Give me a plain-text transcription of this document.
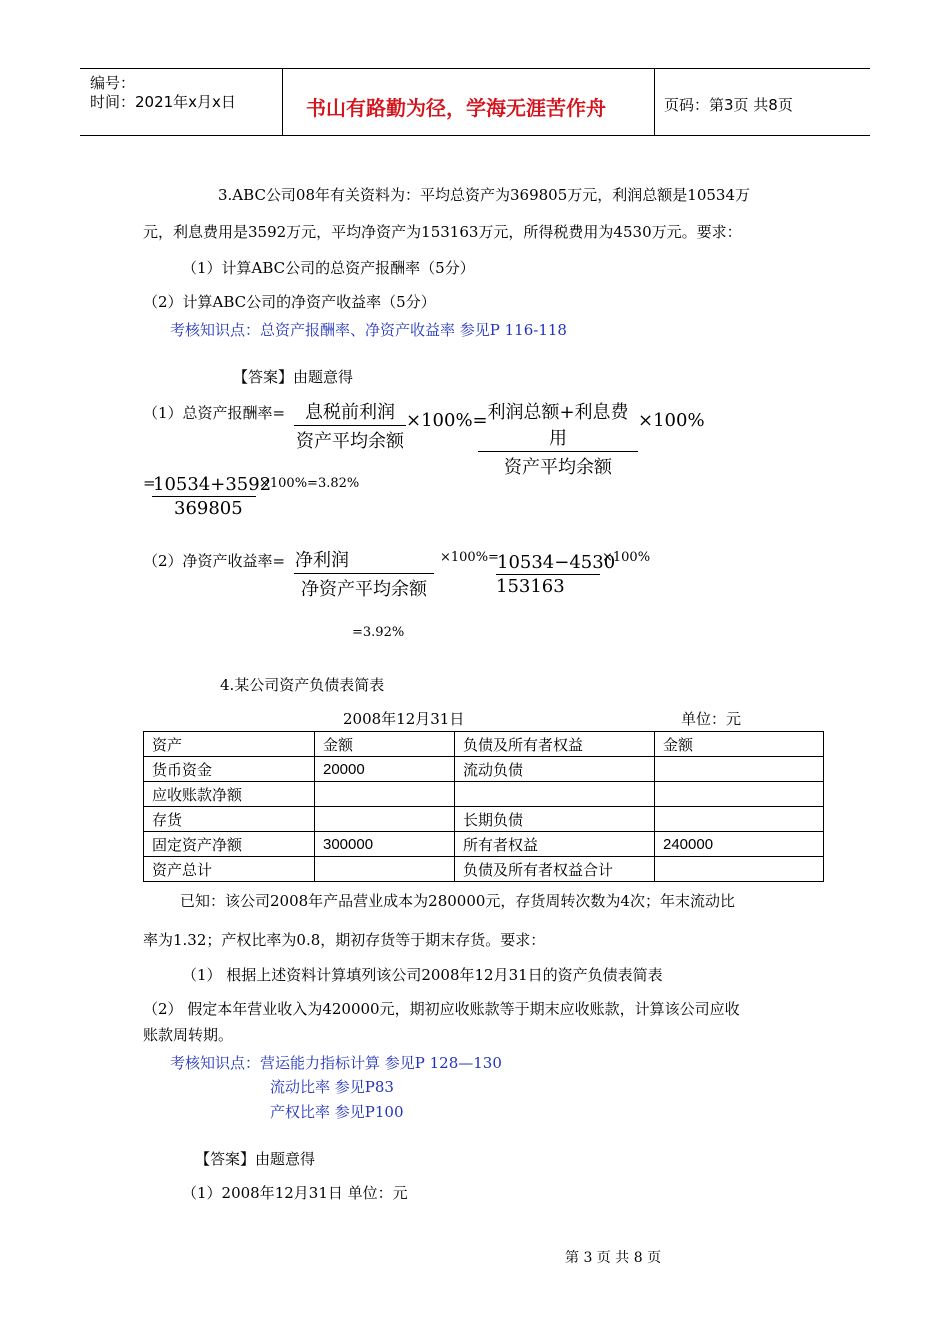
编号：
时间：2021年x月x日	书山有路勤为径，学海无涯苦作舟	页码：第3页 共8页
3.ABC公司08年有关资料为：平均总资产为369805万元，利润总额是10534万
元，利息费用是3592万元，平均净资产为153163万元，所得税费用为4530万元。要求：
（1）计算ABC公司的总资产报酬率（5分）
（2）计算ABC公司的净资产收益率（5分）
考核知识点：总资产报酬率、净资产收益率 参见P 116-118
【答案】由题意得
（1）总资产报酬率=	息税前利润
资产平均余额
×100%= 利润总额+利息费用
资产平均余额
×100%
=
$\frac{10534+3592}{369805} \times 100\%=3.82\%$
（2）净资产收益率= 净利润
净资产平均余额
×100%=
$\frac{10534-4530}{153163} \times 100\%$
=3.92%
4.某公司资产负债表简表
2008年12月31日	单位：元
资产	金额	负债及所有者权益	金额
货币资金	20000	流动负债	
应收账款净额			
存货		长期负债	
固定资产净额	300000	所有者权益	240000
资产总计		负债及所有者权益合计	
已知：该公司2008年产品营业成本为280000元，存货周转次数为4次；年末流动比
率为1.32；产权比率为0.8，期初存货等于期末存货。要求：
（1） 根据上述资料计算填列该公司2008年12月31日的资产负债表简表
（2） 假定本年营业收入为420000元，期初应收账款等于期末应收账款，计算该公司应收
账款周转期。
考核知识点：营运能力指标计算 参见P 128—130
流动比率 参见P83
产权比率 参见P100
【答案】由题意得
（1）2008年12月31日 单位：元
第 3 页 共 8 页
